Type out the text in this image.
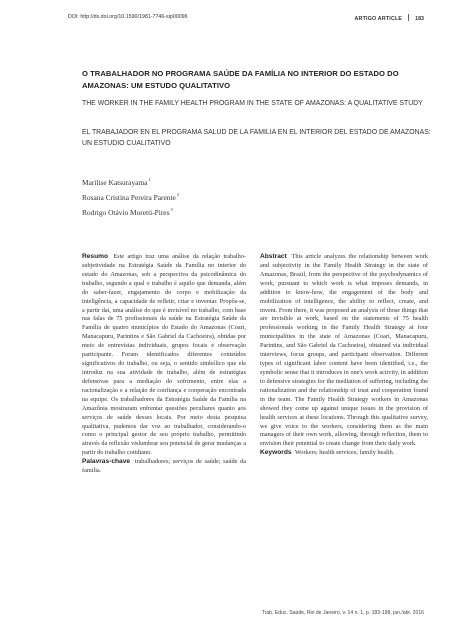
DOI: http://dx.doi.org/10.1590/1981-7746-sip00096	ARTIGO ARTICLE 183
O TRABALHADOR NO PROGRAMA SAÚDE DA FAMÍLIA NO INTERIOR DO ESTADO DO AMAZONAS: UM ESTUDO QUALITATIVO
THE WORKER IN THE FAMILY HEALTH PROGRAM IN THE STATE OF AMAZONAS: A QUALITATIVE STUDY
EL TRABAJADOR EN EL PROGRAMA SALUD DE LA FAMILIA EN EL INTERIOR DEL ESTADO DE AMAZONAS: UN ESTUDIO CUALITATIVO
Marilise Katsurayama$^1$
Rosana Cristina Pereira Parente$^2$
Rodrigo Otávio Moretti-Pires$^3$

Resumo Este artigo traz uma análise da relação trabalho-subjetividade na Estratégia Saúde da Família no interior do estado do Amazonas, sob a perspectiva da psicodinâmica do trabalho, segundo a qual o trabalho é aquilo que demanda, além do saber-fazer, engajamento do corpo e mobilização da inteligência, a capacidade de refletir, criar e inventar. Propôs-se, a partir daí, uma análise do que é invisível no trabalho, com base nas falas de 75 profissionais da saúde na Estratégia Saúde da Família de quatro municípios do Estado do Amazonas (Coari, Manacapuru, Parintins e São Gabriel da Cachoeira), obtidas por meio de entrevistas individuais, grupos focais e observação participante. Foram identificados diferentes conteúdos significativos do trabalho, ou seja, o sentido simbólico que ele introduz na sua atividade de trabalho, além de estratégias defensivas para a mediação do sofrimento, entre elas a racionalização e a relação de confiança e cooperação encontrada na equipe. Os trabalhadores da Estratégia Saúde da Família na Amazônia mostraram enfrentar questões peculiares quanto aos serviços de saúde desses locais. Por meio desta pesquisa qualitativa, pudemos dar voz ao trabalhador, considerando-o como o principal gestor de seu próprio trabalho, permitindo através da reflexão vislumbrar seu potencial de gerar mudanças a partir do trabalho cotidiano.

Palavras-chave trabalhadores; serviços de saúde; saúde da família.

Abstract This article analyzes the relationship between work and subjectivity in the Family Health Strategy in the state of Amazonas, Brazil, from the perspective of the psychodynamics of work, pursuant to which work is what imposes demands, in addition to know-how, the engagement of the body and mobilization of intelligence, the ability to reflect, create, and invent. From there, it was proposed an analysis of those things that are invisible at work, based on the statements of 75 health professionals working in the Family Health Strategy at four municipalities in the state of Amazonas (Coari, Manacapuru, Parintins, and São Gabriel da Cachoeira), obtained via individual interviews, focus groups, and participant observation. Different types of significant labor content have been identified, i.e., the symbolic sense that it introduces in one's work activity, in addition to defensive strategies for the mediation of suffering, including the rationalization and the relationship of trust and cooperation found in the team. The Family Health Strategy workers in Amazonas showed they come up against unique issues in the provision of health services at these locations. Through this qualitative survey, we give voice to the workers, considering them as the main managers of their own work, allowing, through reflection, them to envision their potential to create change from their daily work.

Keywords Workers; health services; family health.

Trab. Educ. Saúde, Rio de Janeiro, v. 14 n. 1, p. 183-198, jan./abr. 2016
